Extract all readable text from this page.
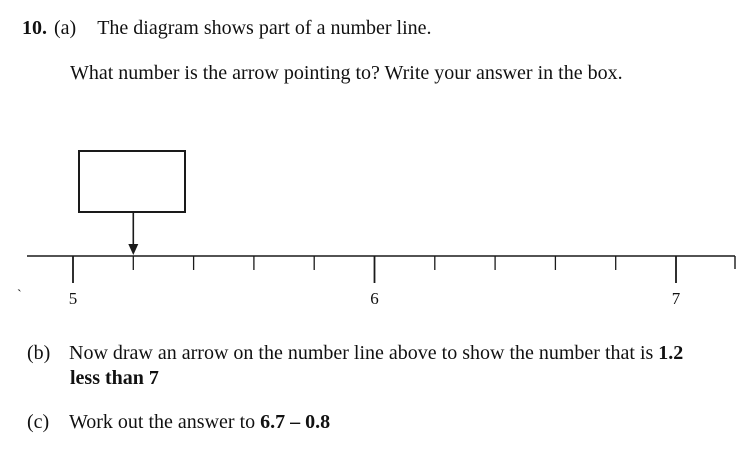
10. (a) The diagram shows part of a number line.
What number is the arrow pointing to? Write your answer in the box.
`	5	6	7
(b) Now draw an arrow on the number line above to show the number that is 1.2
less than 7
(c) Work out the answer to 6.7 – 0.8
